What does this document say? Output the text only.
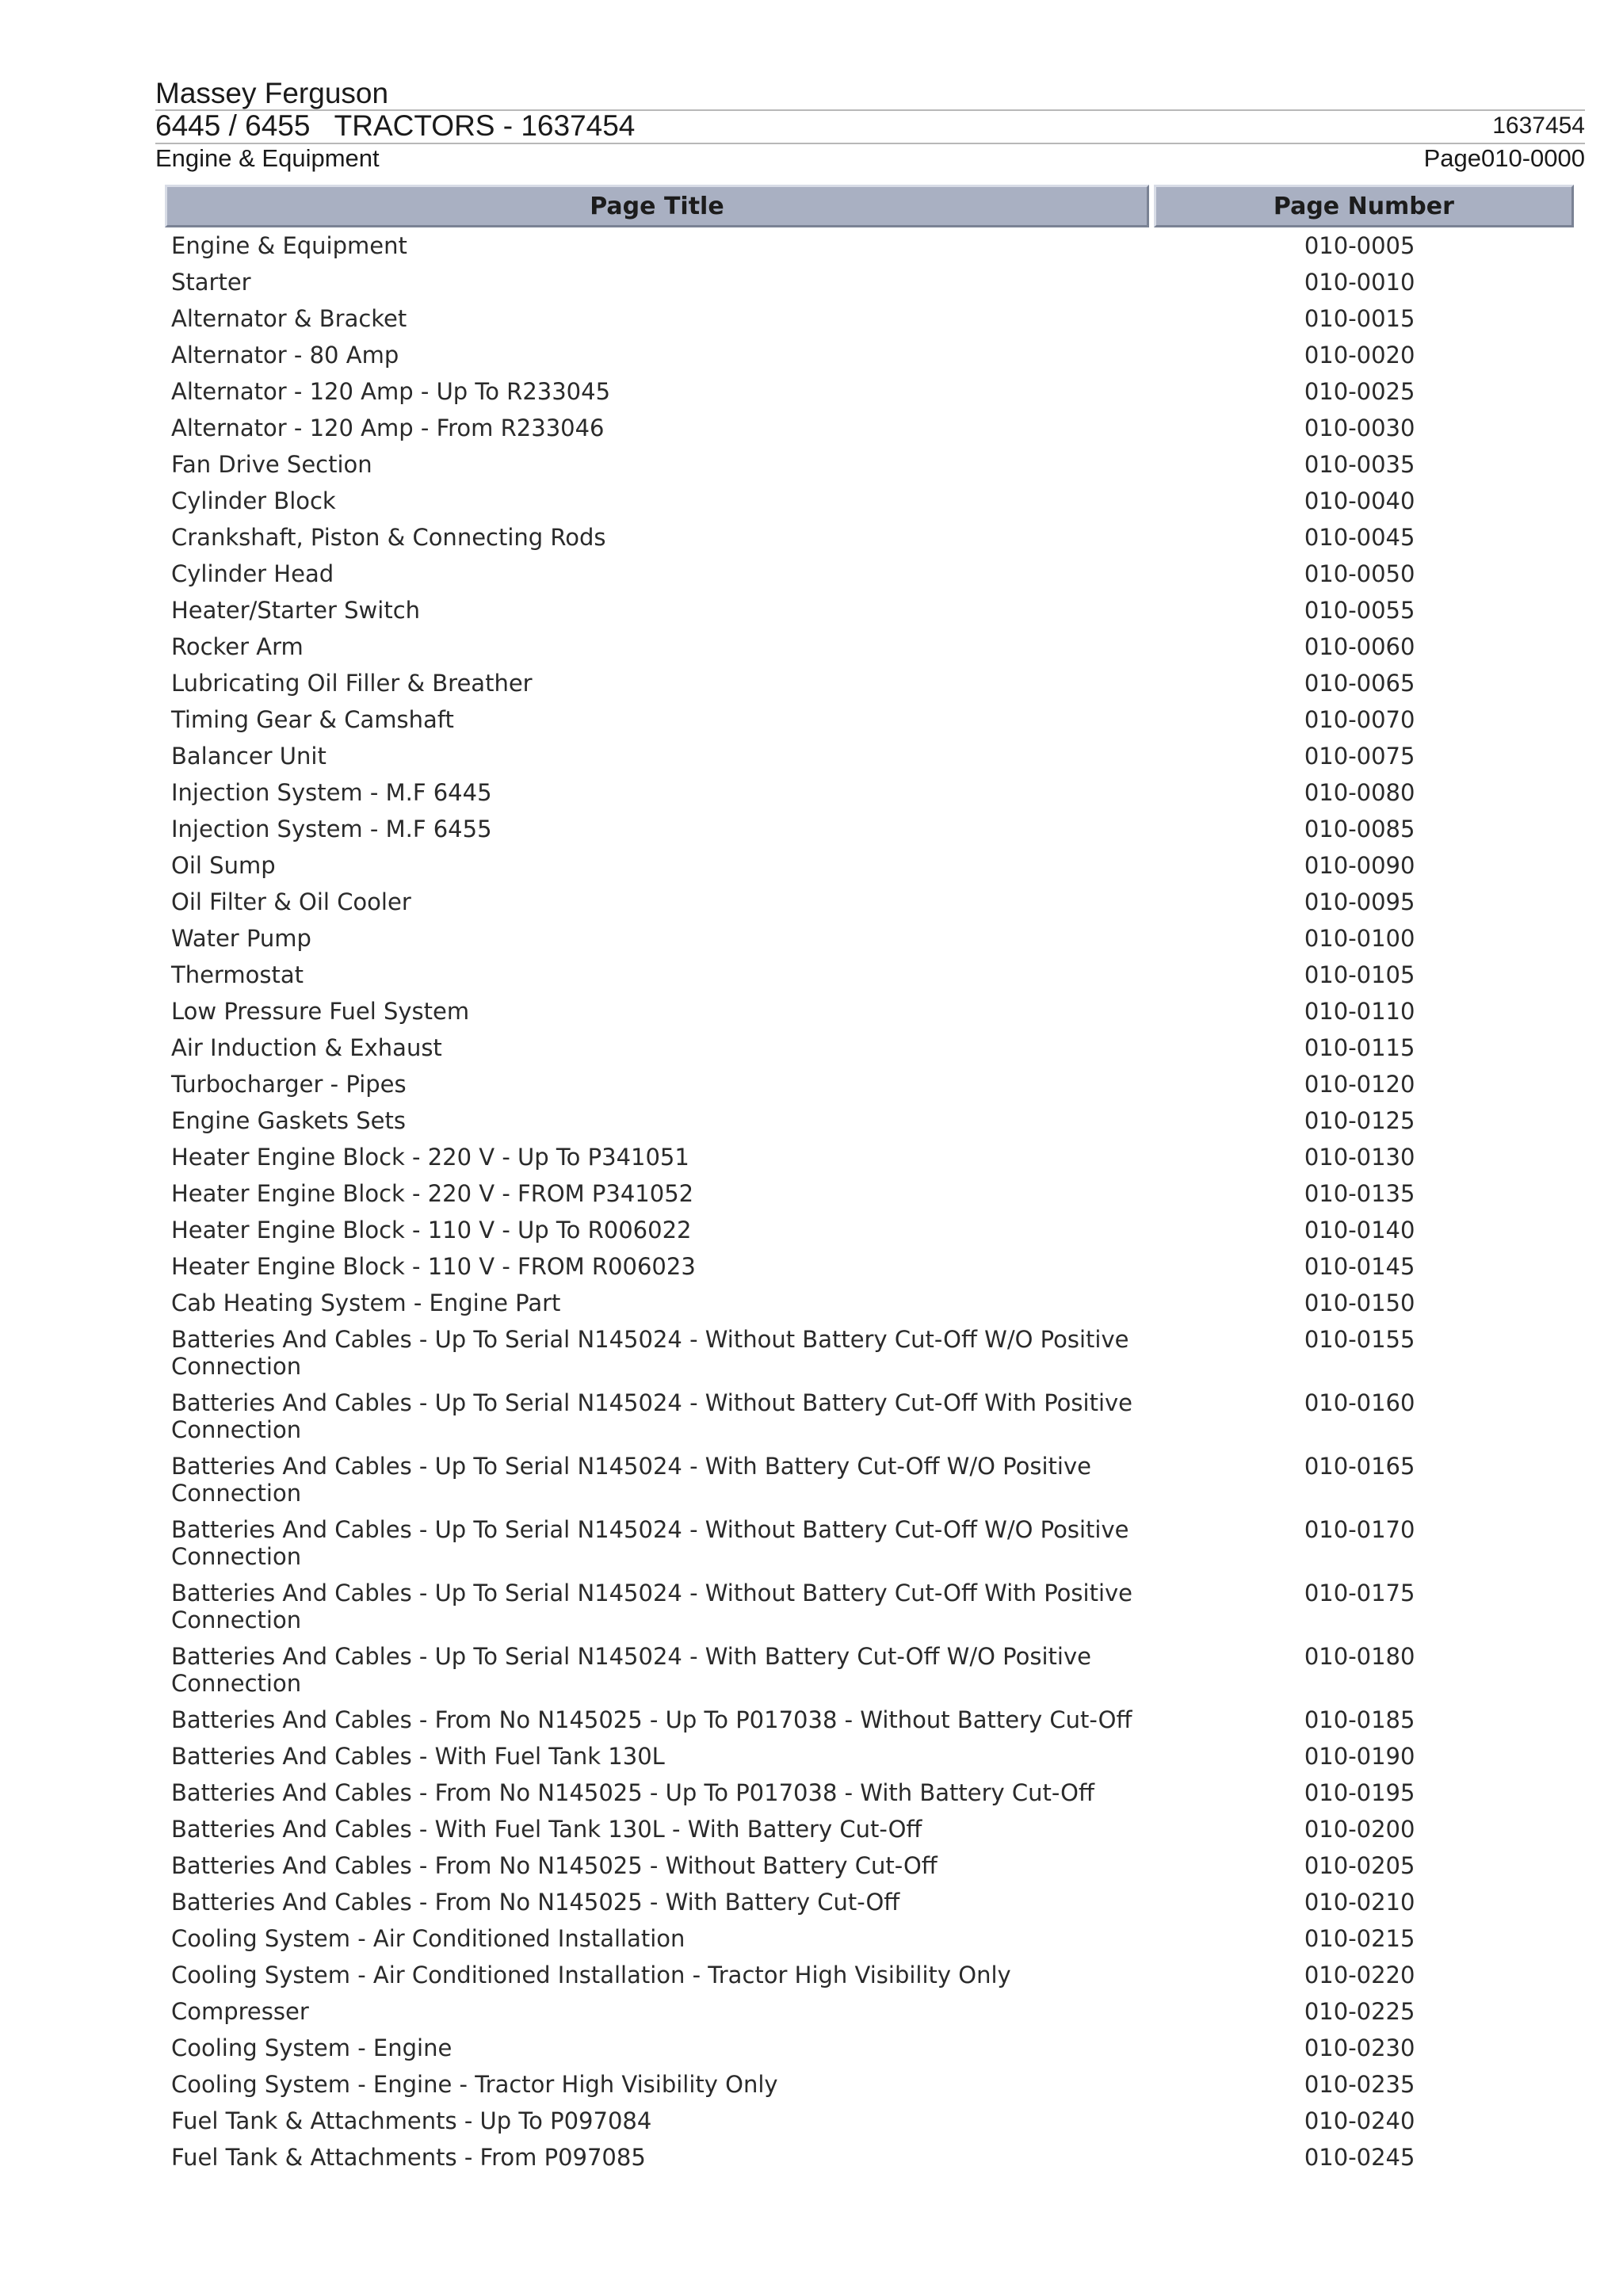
Massey Ferguson
6445 / 6455   TRACTORS - 1637454	1637454
Engine & Equipment	Page010-0000
Page Title		Page Number

Engine & Equipment		010-0005

Starter		010-0010

Alternator & Bracket		010-0015

Alternator - 80 Amp		010-0020

Alternator - 120 Amp - Up To R233045		010-0025

Alternator - 120 Amp - From R233046		010-0030

Fan Drive Section		010-0035

Cylinder Block		010-0040

Crankshaft, Piston & Connecting Rods		010-0045

Cylinder Head		010-0050

Heater/Starter Switch		010-0055

Rocker Arm		010-0060

Lubricating Oil Filler & Breather		010-0065

Timing Gear & Camshaft		010-0070

Balancer Unit		010-0075

Injection System - M.F 6445		010-0080

Injection System - M.F 6455		010-0085

Oil Sump		010-0090

Oil Filter & Oil Cooler		010-0095

Water Pump		010-0100

Thermostat		010-0105

Low Pressure Fuel System		010-0110

Air Induction & Exhaust		010-0115

Turbocharger - Pipes		010-0120

Engine Gaskets Sets		010-0125

Heater Engine Block - 220 V - Up To P341051		010-0130

Heater Engine Block - 220 V - FROM P341052		010-0135

Heater Engine Block - 110 V - Up To R006022		010-0140

Heater Engine Block - 110 V - FROM R006023		010-0145

Cab Heating System - Engine Part		010-0150

Batteries And Cables - Up To Serial N145024 - Without Battery Cut-Off W/O Positive Connection		010-0155

Batteries And Cables - Up To Serial N145024 - Without Battery Cut-Off With Positive Connection		010-0160

Batteries And Cables - Up To Serial N145024 - With Battery Cut-Off W/O Positive Connection		010-0165

Batteries And Cables - Up To Serial N145024 - Without Battery Cut-Off W/O Positive Connection		010-0170

Batteries And Cables - Up To Serial N145024 - Without Battery Cut-Off With Positive Connection		010-0175

Batteries And Cables - Up To Serial N145024 - With Battery Cut-Off W/O Positive Connection		010-0180

Batteries And Cables - From No N145025 - Up To P017038 - Without Battery Cut-Off		010-0185

Batteries And Cables - With Fuel Tank 130L		010-0190

Batteries And Cables - From No N145025 - Up To P017038 - With Battery Cut-Off		010-0195

Batteries And Cables - With Fuel Tank 130L - With Battery Cut-Off		010-0200

Batteries And Cables - From No N145025 - Without Battery Cut-Off		010-0205

Batteries And Cables - From No N145025 - With Battery Cut-Off		010-0210

Cooling System - Air Conditioned Installation		010-0215

Cooling System - Air Conditioned Installation - Tractor High Visibility Only		010-0220

Compresser		010-0225

Cooling System - Engine		010-0230

Cooling System - Engine - Tractor High Visibility Only		010-0235

Fuel Tank & Attachments - Up To P097084		010-0240

Fuel Tank & Attachments - From P097085		010-0245
